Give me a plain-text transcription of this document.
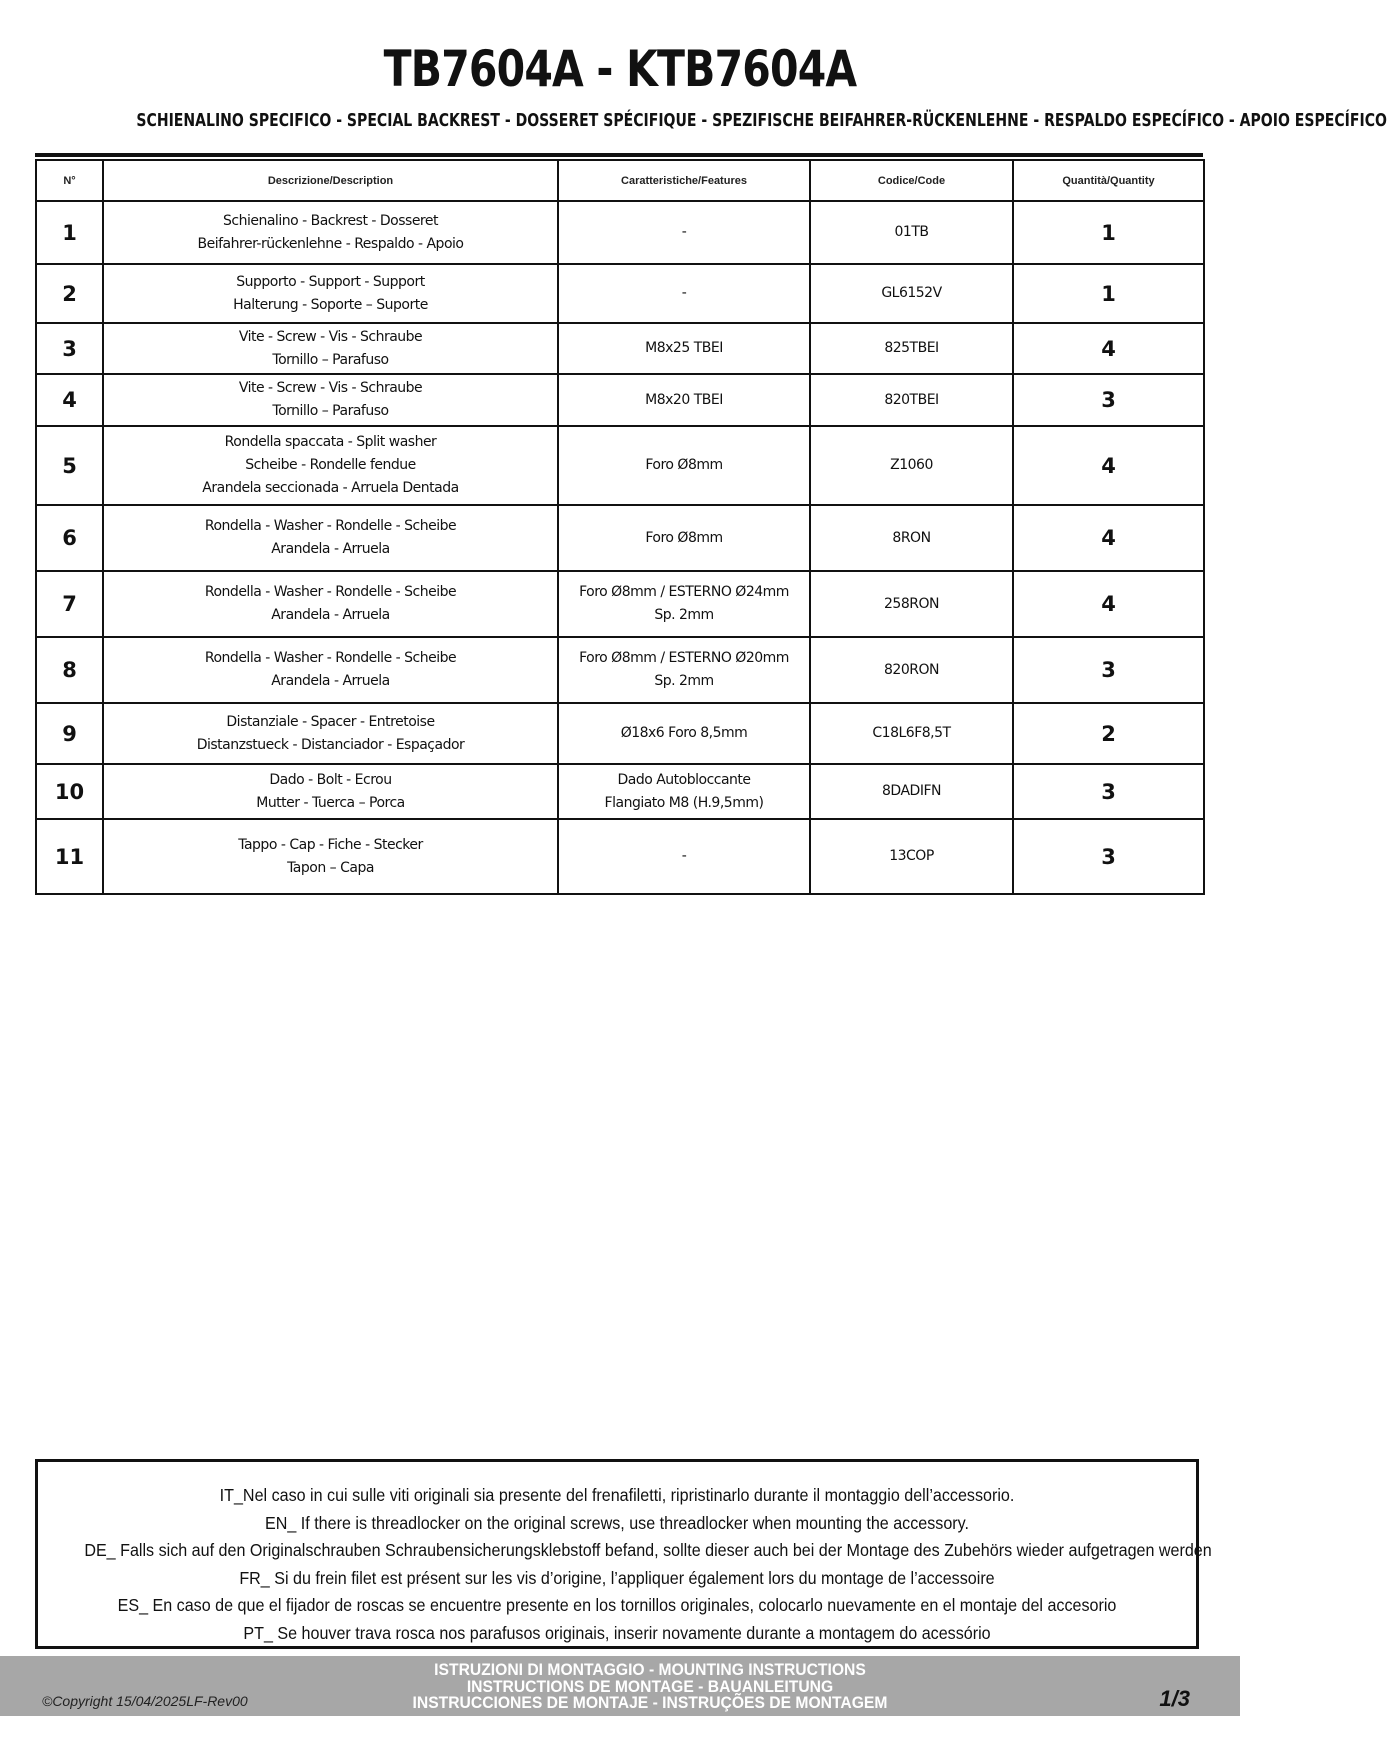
TB7604A - KTB7604A
SCHIENALINO SPECIFICO - SPECIAL BACKREST - DOSSERET SPÉCIFIQUE - SPEZIFISCHE BEIFAHRER-RÜCKENLEHNE - RESPALDO ESPECÍFICO - APOIO ESPECÍFICO
N°	Descrizione/Description	Caratteristiche/Features	Codice/Code	Quantità/Quantity
1	Schienalino - Backrest - Dosseret
Beifahrer-rückenlehne - Respaldo - Apoio	-	01TB	1
2	Supporto - Support - Support
Halterung - Soporte – Suporte	-	GL6152V	1
3	Vite - Screw - Vis - Schraube
Tornillo – Parafuso	M8x25 TBEI	825TBEI	4
4	Vite - Screw - Vis - Schraube
Tornillo – Parafuso	M8x20 TBEI	820TBEI	3
5	Rondella spaccata - Split washer
Scheibe - Rondelle fendue
Arandela seccionada - Arruela Dentada	Foro Ø8mm	Z1060	4
6	Rondella - Washer - Rondelle - Scheibe
Arandela - Arruela	Foro Ø8mm	8RON	4
7	Rondella - Washer - Rondelle - Scheibe
Arandela - Arruela	Foro Ø8mm / ESTERNO Ø24mm
Sp. 2mm	258RON	4
8	Rondella - Washer - Rondelle - Scheibe
Arandela - Arruela	Foro Ø8mm / ESTERNO Ø20mm
Sp. 2mm	820RON	3
9	Distanziale - Spacer - Entretoise
Distanzstueck - Distanciador - Espaçador	Ø18x6 Foro 8,5mm	C18L6F8,5T	2
10	Dado - Bolt - Ecrou
Mutter - Tuerca – Porca	Dado Autobloccante
Flangiato M8 (H.9,5mm)	8DADIFN	3
11	Tappo - Cap - Fiche - Stecker
Tapon – Capa	-	13COP	3
IT_Nel caso in cui sulle viti originali sia presente del frenafiletti, ripristinarlo durante il montaggio dell’accessorio.
EN_ If there is threadlocker on the original screws, use threadlocker when mounting the accessory.
DE_ Falls sich auf den Originalschrauben Schraubensicherungsklebstoff befand, sollte dieser auch bei der Montage des Zubehörs wieder aufgetragen werden
FR_ Si du frein filet est présent sur les vis d’origine, l’appliquer également lors du montage de l’accessoire
ES_ En caso de que el fijador de roscas se encuentre presente en los tornillos originales, colocarlo nuevamente en el montaje del accesorio
PT_ Se houver trava rosca nos parafusos originais, inserir novamente durante a montagem do acessório
©Copyright 15/04/2025LF-Rev00
ISTRUZIONI DI MONTAGGIO - MOUNTING INSTRUCTIONS
INSTRUCTIONS DE MONTAGE - BAUANLEITUNG
INSTRUCCIONES DE MONTAJE - INSTRUÇÕES DE MONTAGEM	1/3
